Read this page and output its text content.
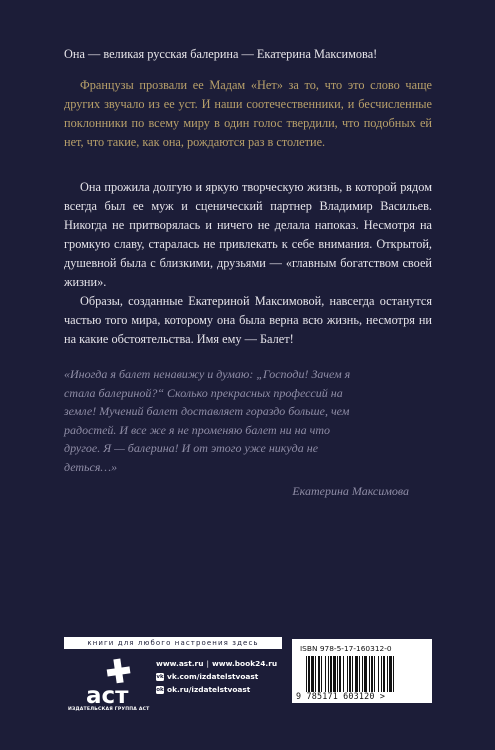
Она — великая русская балерина — Екатерина Максимова!

Французы прозвали ее Мадам «Нет» за то, что это слово чаще других звучало из ее уст. И наши соотечественники, и бесчисленные поклонники по всему миру в один голос твердили, что подобных ей нет, что такие, как она, рождаются раз в столетие.

Она прожила долгую и яркую творческую жизнь, в которой рядом всегда был ее муж и сценический партнер Владимир Васильев. Никогда не притворялась и ничего не делала напоказ. Несмотря на громкую славу, старалась не привлекать к себе внимания. Открытой, душевной была с близкими, друзьями — «главным богатством своей жизни».

Образы, созданные Екатериной Максимовой, навсегда останутся частью того мира, которому она была верна всю жизнь, несмотря ни на какие обстоятельства. Имя ему — Балет!

«Иногда я балет ненавижу и думаю: „Господи! Зачем я стала балериной?“ Сколько прекрасных профессий на земле! Мучений балет доставляет гораздо больше, чем радостей. И все же я не променяю балет ни на что другое. Я — балерина! И от этого уже никуда не деться…»

Екатерина Максимова
книги для любого настроения здесь
аст
ИЗДАТЕЛЬСКАЯ ГРУППА АСТ
www.ast.ru | www.book24.ru
vk vk.com/izdatelstvoast
ok ok.ru/izdatelstvoast
ISBN 978-5-17-160312-0
9 785171 603120 >
